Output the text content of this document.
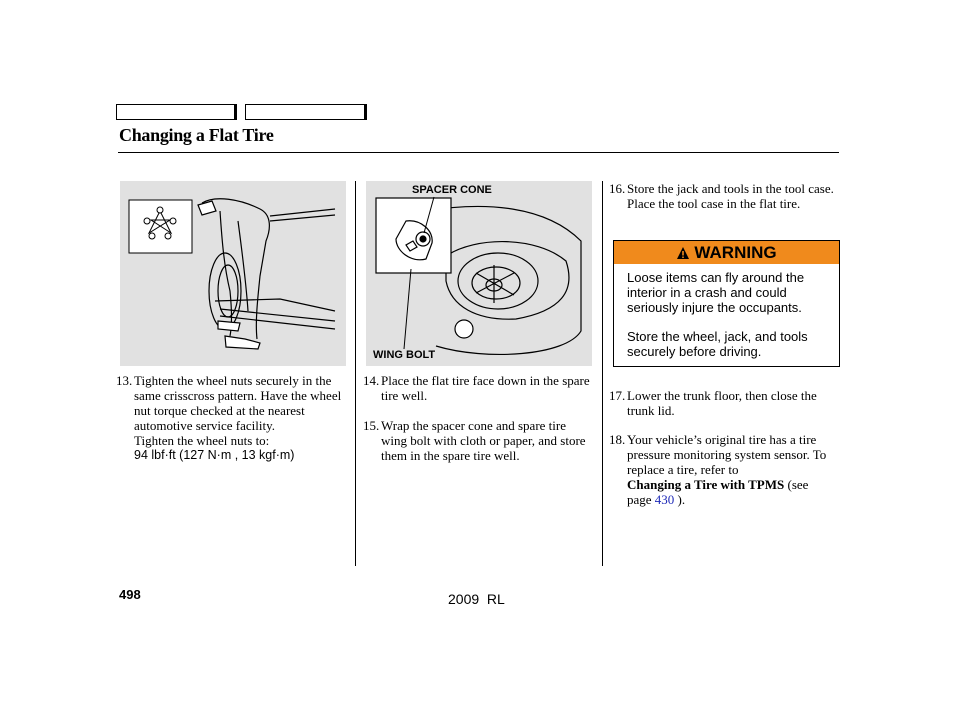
Changing a Flat Tire
SPACER CONE
WING BOLT
13. Tighten the wheel nuts securely in the same crisscross pattern. Have the wheel nut torque checked at the nearest automotive service facility.
Tighten the wheel nuts to:
94 lbf·ft (127 N·m , 13 kgf·m)
14. Place the flat tire face down in the spare tire well.
15. Wrap the spacer cone and spare tire wing bolt with cloth or paper, and store them in the spare tire well.
16. Store the jack and tools in the tool case. Place the tool case in the flat tire.
WARNING

Loose items can fly around the interior in a crash and could seriously injure the occupants.

Store the wheel, jack, and tools securely before driving.

17. Lower the trunk floor, then close the trunk lid.
18. Your vehicle’s original tire has a tire pressure monitoring system sensor. To replace a tire, refer to
Changing a Tire with TPMS (see
page 430 ).
498	2009  RL
